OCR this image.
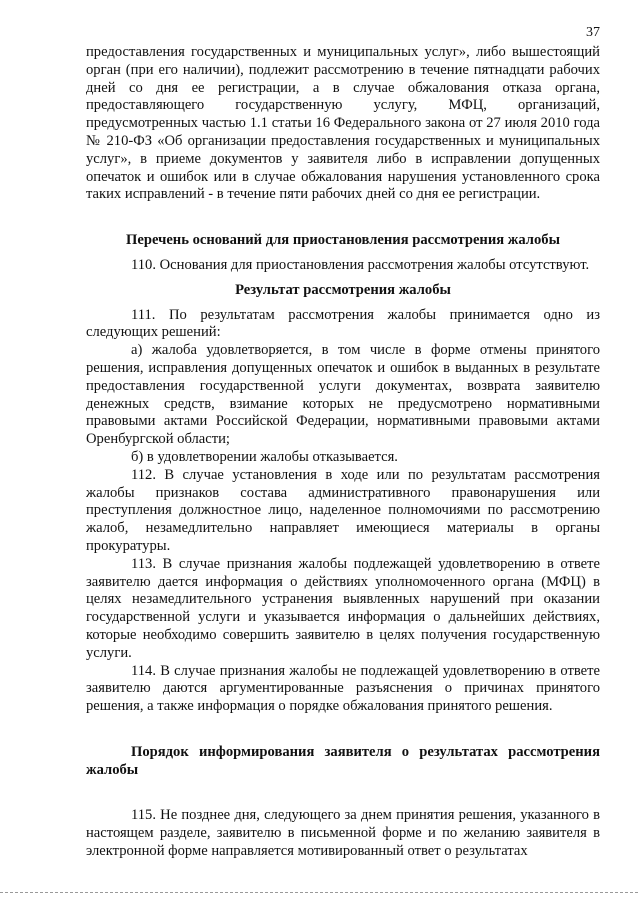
37

предоставления государственных и муниципальных услуг», либо вышестоящий орган (при его наличии), подлежит рассмотрению в течение пятнадцати рабочих дней со дня ее регистрации, а в случае обжалования отказа органа, предоставляющего государственную услугу, МФЦ, организаций, предусмотренных частью 1.1 статьи 16 Федерального закона от 27 июля 2010 года № 210-ФЗ «Об организации предоставления государственных и муниципальных услуг», в приеме документов у заявителя либо в исправлении допущенных опечаток и ошибок или в случае обжалования нарушения установленного срока таких исправлений - в течение пяти рабочих дней со дня ее регистрации.

Перечень оснований для приостановления рассмотрения жалобы

110. Основания для приостановления рассмотрения жалобы отсутствуют.

Результат рассмотрения жалобы

111. По результатам рассмотрения жалобы принимается одно из следующих решений:

а) жалоба удовлетворяется, в том числе в форме отмены принятого решения, исправления допущенных опечаток и ошибок в выданных в результате предоставления государственной услуги документах, возврата заявителю денежных средств, взимание которых не предусмотрено нормативными правовыми актами Российской Федерации, нормативными правовыми актами Оренбургской области;

б) в удовлетворении жалобы отказывается.

112. В случае установления в ходе или по результатам рассмотрения жалобы признаков состава административного правонарушения или преступления должностное лицо, наделенное полномочиями по рассмотрению жалоб, незамедлительно направляет имеющиеся материалы в органы прокуратуры.

113. В случае признания жалобы подлежащей удовлетворению в ответе заявителю дается информация о действиях уполномоченного органа (МФЦ) в целях незамедлительного устранения выявленных нарушений при оказании государственной услуги и указывается информация о дальнейших действиях, которые необходимо совершить заявителю в целях получения государственную услуги.

114. В случае признания жалобы не подлежащей удовлетворению в ответе заявителю даются аргументированные разъяснения о причинах принятого решения, а также информация о порядке обжалования принятого решения.

Порядок информирования заявителя о результатах рассмотрения жалобы

115. Не позднее дня, следующего за днем принятия решения, указанного в настоящем разделе, заявителю в письменной форме и по желанию заявителя в электронной форме направляется мотивированный ответ о результатах
